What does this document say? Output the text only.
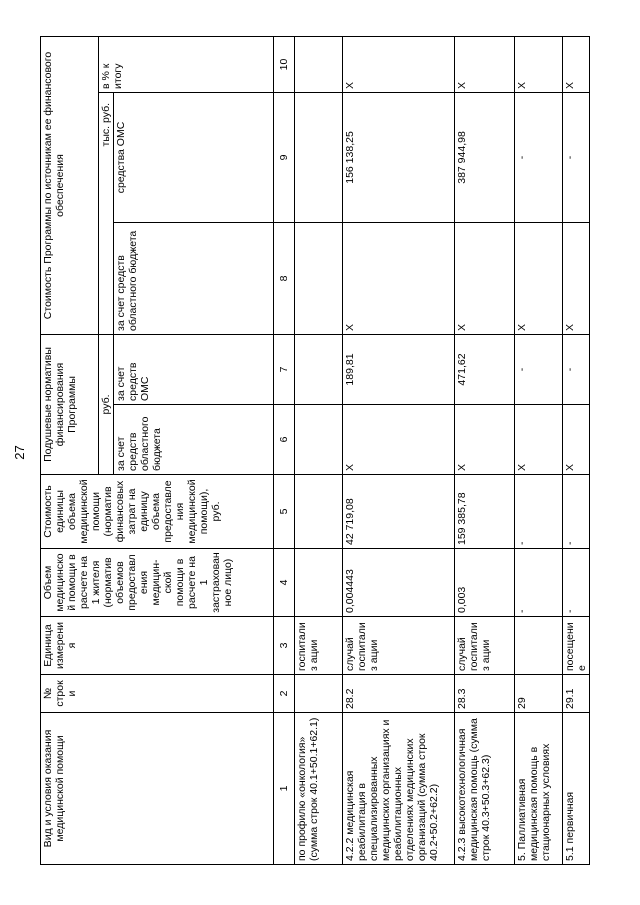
27
Вид и условия оказания медицинской помощи	№ строки	Единица измерения	Объем медицинской помощи в расчете на 1 жителя (норматив объемов предоставления медицин-ской помощи в расчете на 1 застрахованное лицо)	Стоимость единицы объема медицинской помощи (норматив финансовых затрат на единицу объема предоставления медицинской помощи), руб.	Подушевые нормативы финансирования Программы		Стоимость Программы по источникам ее финансового обеспечения		
					руб.		тыс. руб.		в % к итогу
					за счет средств областного бюджета	за счет средств ОМС	за счет средств областного бюджета	средства ОМС	
1	2	3	4	5	6	7	8	9	10
по профилю «онкология» (сумма строк 40.1+50.1+62.1)		госпитализ ации							
4.2.2 медицинская реабилитация в специализированных медицинских организациях и реабилитационных отделениях медицинских организаций (сумма строк 40.2+50.2+62.2)	28.2	случай госпитализ ации	0,004443	42 719,08	X	189,81	X	156 138,25	X
4.2.3 высокотехнологичная медицинская помощь (сумма строк 40.3+50.3+62.3)	28.3	случай госпитализ ации	0,003	159 385,78	X	471,62	X	387 944,98	X
5. Паллиативная медицинская помощь в стационарных условиях	29		-	-	X	-	X	-	X
5.1 первичная	29.1	посещение	-	-	X	-	X	-	X
